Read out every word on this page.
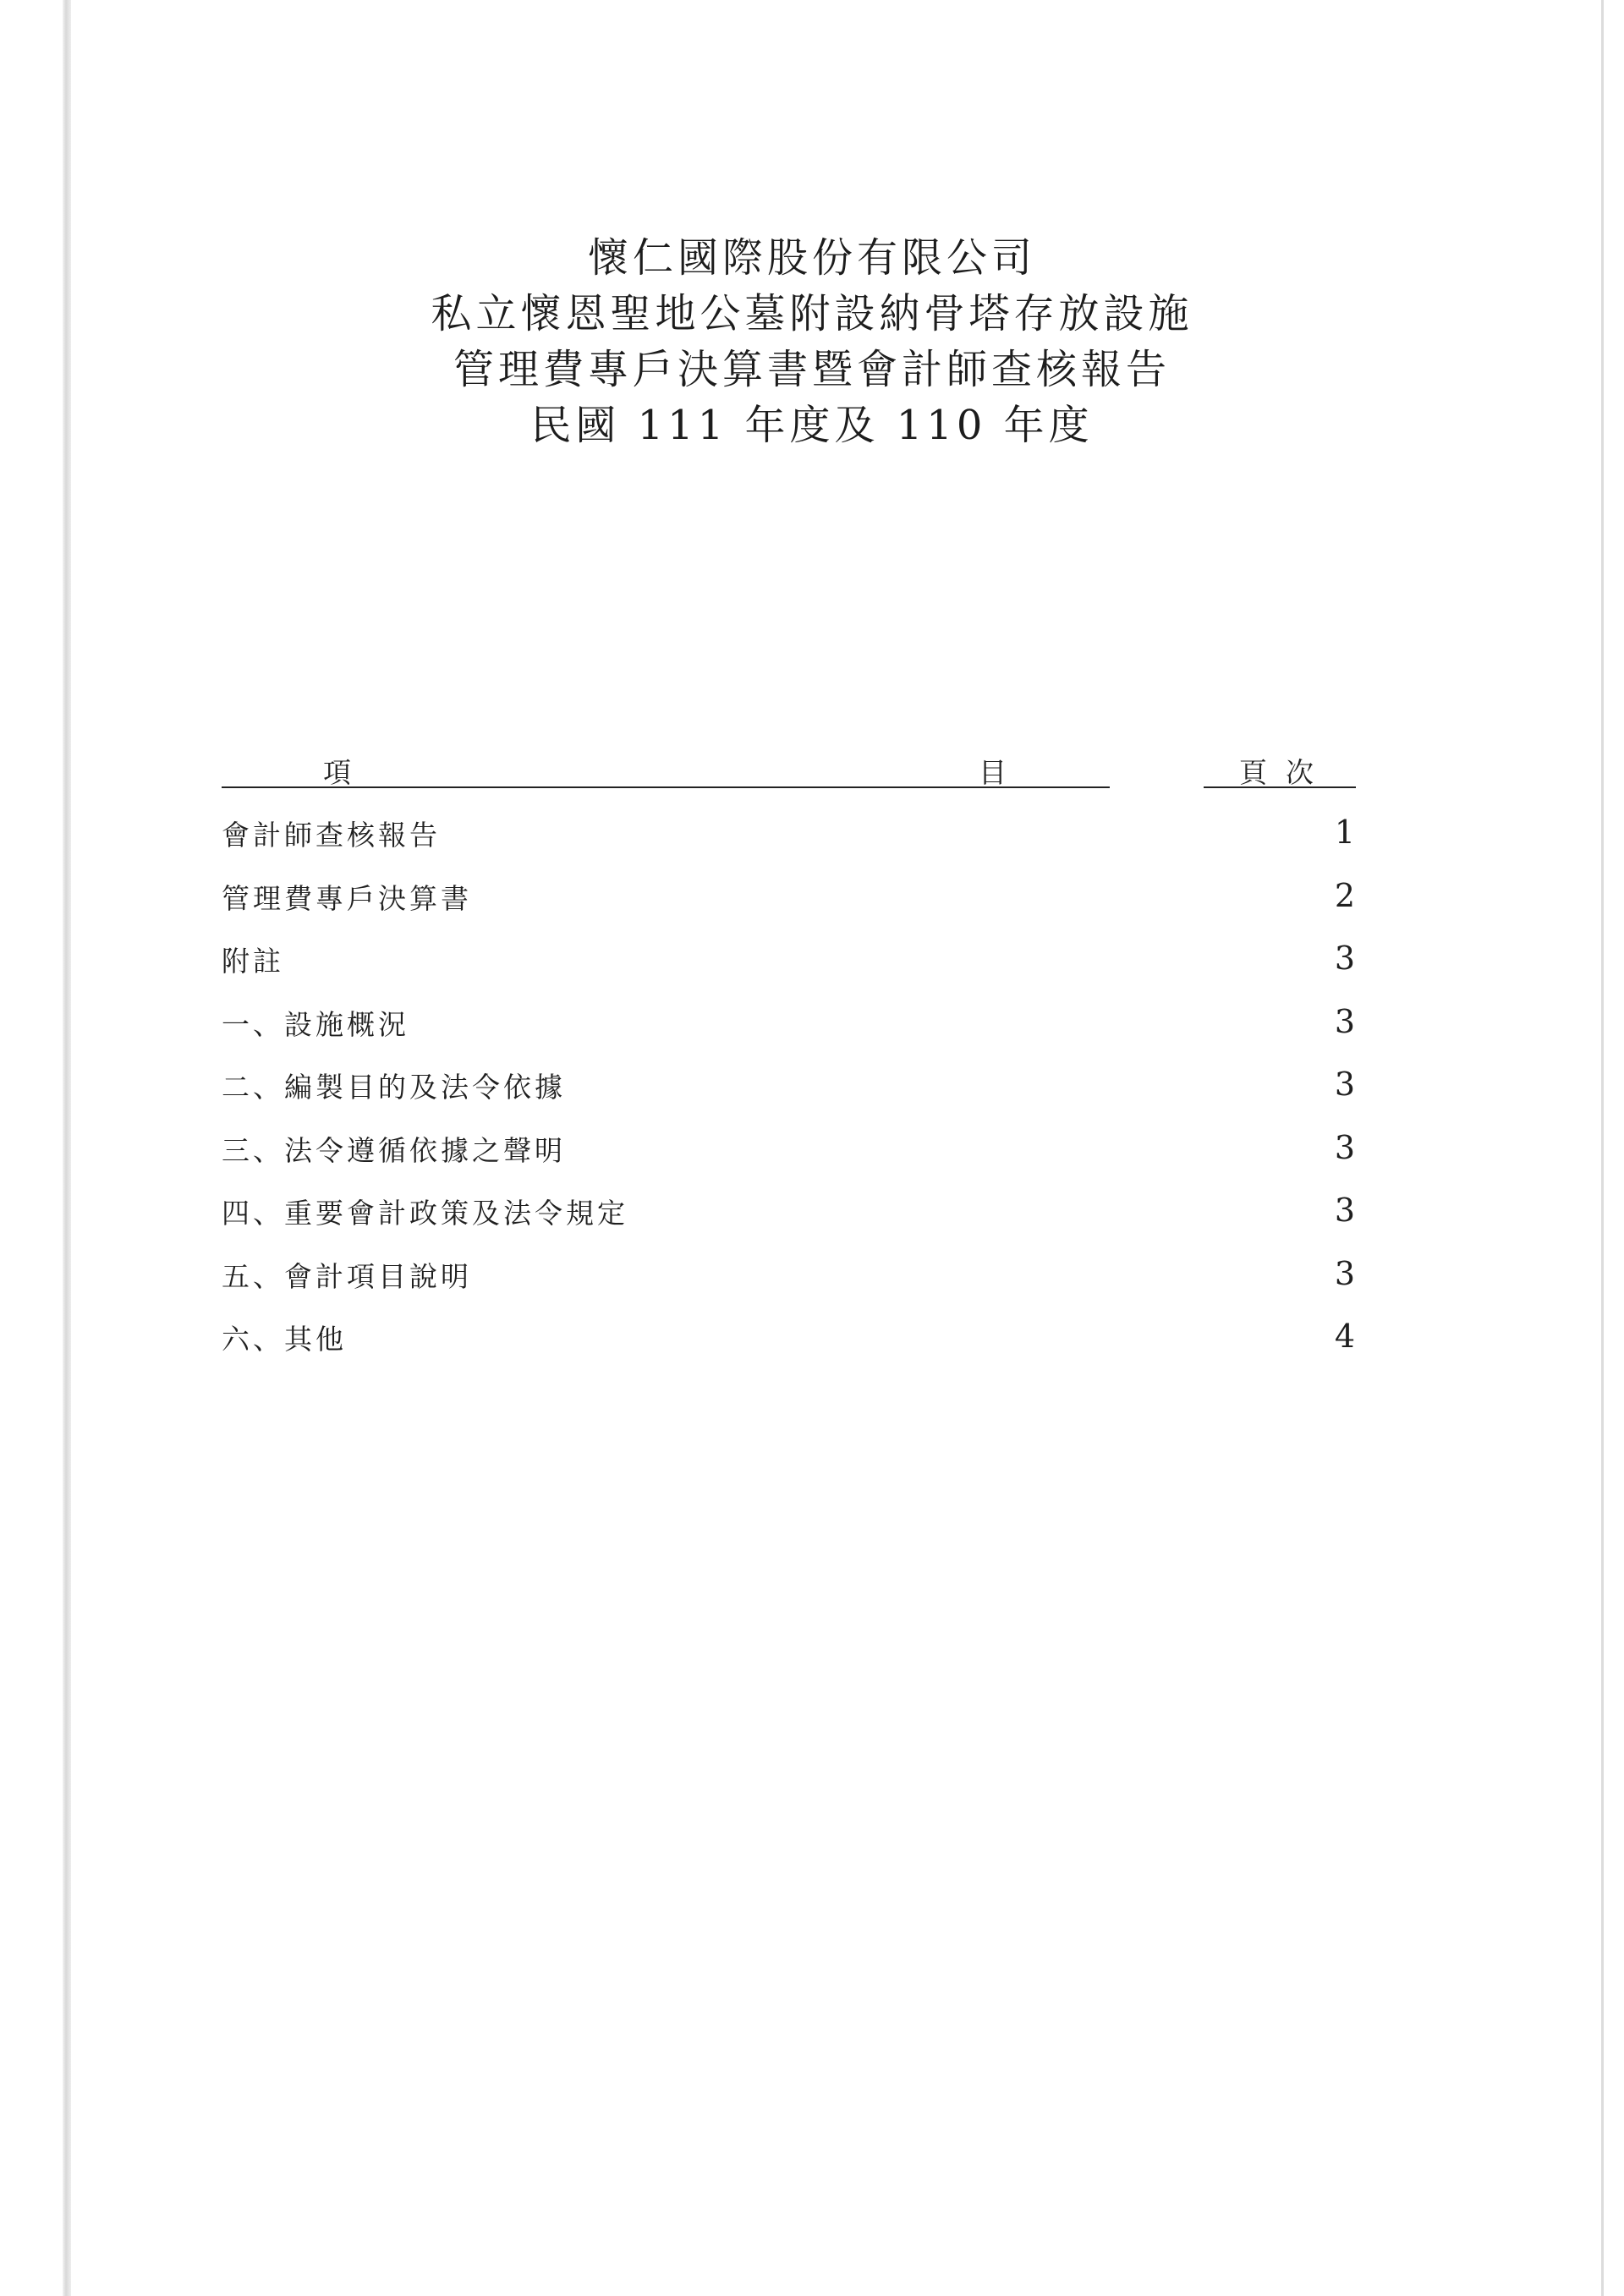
懷仁國際股份有限公司
私立懷恩聖地公墓附設納骨塔存放設施
管理費專戶決算書暨會計師查核報告
民國 111 年度及 110 年度
項	目	頁次
會計師查核報告	1
管理費專戶決算書	2
附註	3
一、設施概況	3
二、編製目的及法令依據	3
三、法令遵循依據之聲明	3
四、重要會計政策及法令規定	3
五、會計項目說明	3
六、其他	4
